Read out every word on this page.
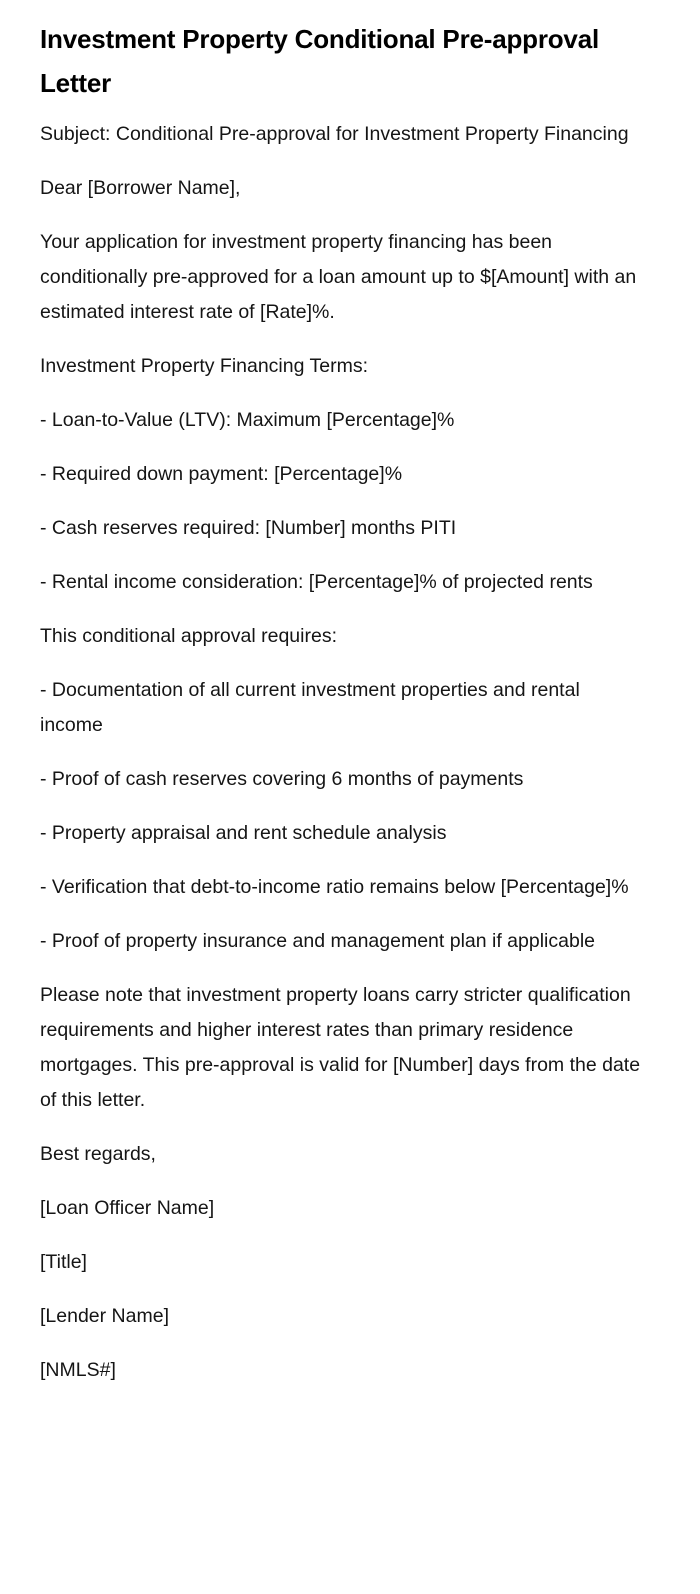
Investment Property Conditional Pre-approval Letter

Subject: Conditional Pre-approval for Investment Property Financing

Dear [Borrower Name],

Your application for investment property financing has been conditionally pre-approved for a loan amount up to $[Amount] with an estimated interest rate of [Rate]%.

Investment Property Financing Terms:

- Loan-to-Value (LTV): Maximum [Percentage]%

- Required down payment: [Percentage]%

- Cash reserves required: [Number] months PITI

- Rental income consideration: [Percentage]% of projected rents

This conditional approval requires:

- Documentation of all current investment properties and rental income

- Proof of cash reserves covering 6 months of payments

- Property appraisal and rent schedule analysis

- Verification that debt-to-income ratio remains below [Percentage]%

- Proof of property insurance and management plan if applicable

Please note that investment property loans carry stricter qualification requirements and higher interest rates than primary residence mortgages. This pre-approval is valid for [Number] days from the date of this letter.

Best regards,

[Loan Officer Name]

[Title]

[Lender Name]

[NMLS#]
